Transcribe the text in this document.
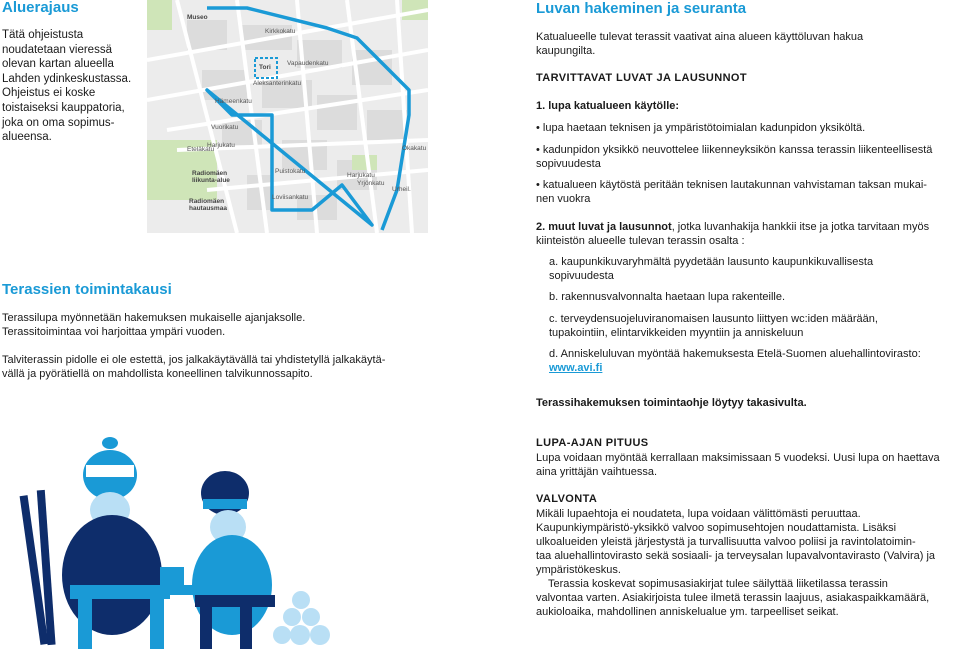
Aluerajaus
Tätä ohjeistusta
noudatetaan vieressä
olevan kartan alueella
Lahden ydinkeskustassa.
Ohjeistus ei koske
toistaiseksi kauppatoria,
joka on oma sopimus-
alueensa.
Museo
Kirkkokatu
Tori
Vapaudenkatu
Aleksanterinkatu
Hämeenkatu
Vuorikatu
Harjukatu
Eteläkatu
Radiomäen liikunta-alue
Radiomäen hautausmaa
Puistokatu
Loviisankatu
Harjukatu
Yrjönkatu
Urheil.
Okakatu
Terassien toimintakausi
Terassilupa myönnetään hakemuksen mukaiselle ajanjaksolle.
Terassitoimintaa voi harjoittaa ympäri vuoden.
Talviterassin pidolle ei ole estettä, jos jalkakäytävällä tai yhdistetyllä jalkakäytä-
vällä ja pyörätiellä on mahdollista koneellinen talvikunnossapito.
Luvan hakeminen ja seuranta
Katualueelle tulevat terassit vaativat aina alueen käyttöluvan hakua
kaupungilta.
TARVITTAVAT LUVAT JA LAUSUNNOT
1. lupa katualueen käytölle:
• lupa haetaan teknisen ja ympäristötoimialan kadunpidon yksiköltä.
• kadunpidon yksikkö neuvottelee liikenneyksikön kanssa terassin liikenteellisestä
sopivuudesta
• katualueen käytöstä peritään teknisen lautakunnan vahvistaman taksan mukai-
nen vuokra
2. muut luvat ja lausunnot, jotka luvanhakija hankkii itse ja jotka tarvitaan myös
kiinteistön alueelle tulevan terassin osalta :
a. kaupunkikuvaryhmältä pyydetään lausunto kaupunkikuvallisesta
sopivuudesta
b. rakennusvalvonnalta haetaan lupa rakenteille.
c. terveydensuojeluviranomaisen lausunto liittyen wc:iden määrään,
tupakointiin, elintarvikkeiden myyntiin ja anniskeluun
d. Anniskeluluvan myöntää hakemuksesta Etelä-Suomen aluehallintovirasto:
www.avi.fi
Terassihakemuksen toimintaohje löytyy takasivulta.
LUPA-AJAN PITUUS
Lupa voidaan myöntää kerrallaan maksimissaan 5 vuodeksi. Uusi lupa on haettava
aina yrittäjän vaihtuessa.
VALVONTA
Mikäli lupaehtoja ei noudateta, lupa voidaan välittömästi peruuttaa.
Kaupunkiympäristö-yksikkö valvoo sopimusehtojen noudattamista. Lisäksi
ulkoalueiden yleistä järjestystä ja turvallisuutta valvoo poliisi ja ravintolatoimin-
taa aluehallintovirasto sekä sosiaali- ja terveysalan lupavalvontavirasto (Valvira) ja
ympäristökeskus.
Terassia koskevat sopimusasiakirjat tulee säilyttää liiketilassa terassin
valvontaa varten. Asiakirjoista tulee ilmetä terassin laajuus, asiakaspaikkamäärä,
aukioloaika, mahdollinen anniskelualue ym. tarpeelliset seikat.
